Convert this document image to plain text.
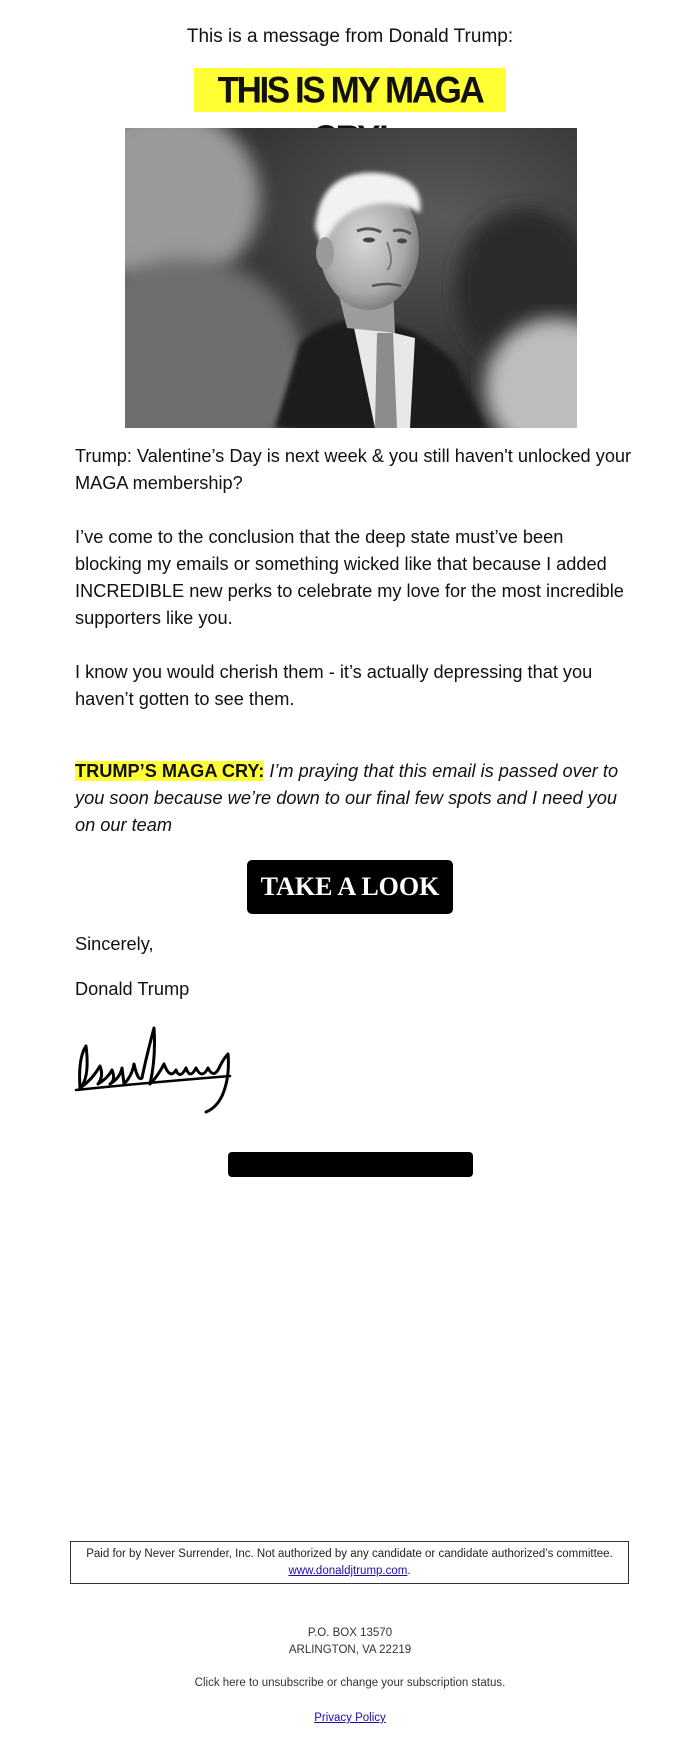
This is a message from Donald Trump:
THIS IS MY MAGA
Trump: Valentine’s Day is next week & you still haven't unlocked your MAGA membership?
I’ve come to the conclusion that the deep state must’ve been blocking my emails or something wicked like that because I added INCREDIBLE new perks to celebrate my love for the most incredible supporters like you.
I know you would cherish them - it’s actually depressing that you haven’t gotten to see them.
TRUMP’S MAGA CRY: I’m praying that this email is passed over to you soon because we’re down to our final few spots and I need you on our team
TAKE A LOOK
Sincerely,
Donald Trump
Paid for by Never Surrender, Inc. Not authorized by any candidate or candidate authorized’s committee.
www.donaldjtrump.com.
P.O. BOX 13570
ARLINGTON, VA 22219
Click here to unsubscribe or change your subscription status.
Privacy Policy
